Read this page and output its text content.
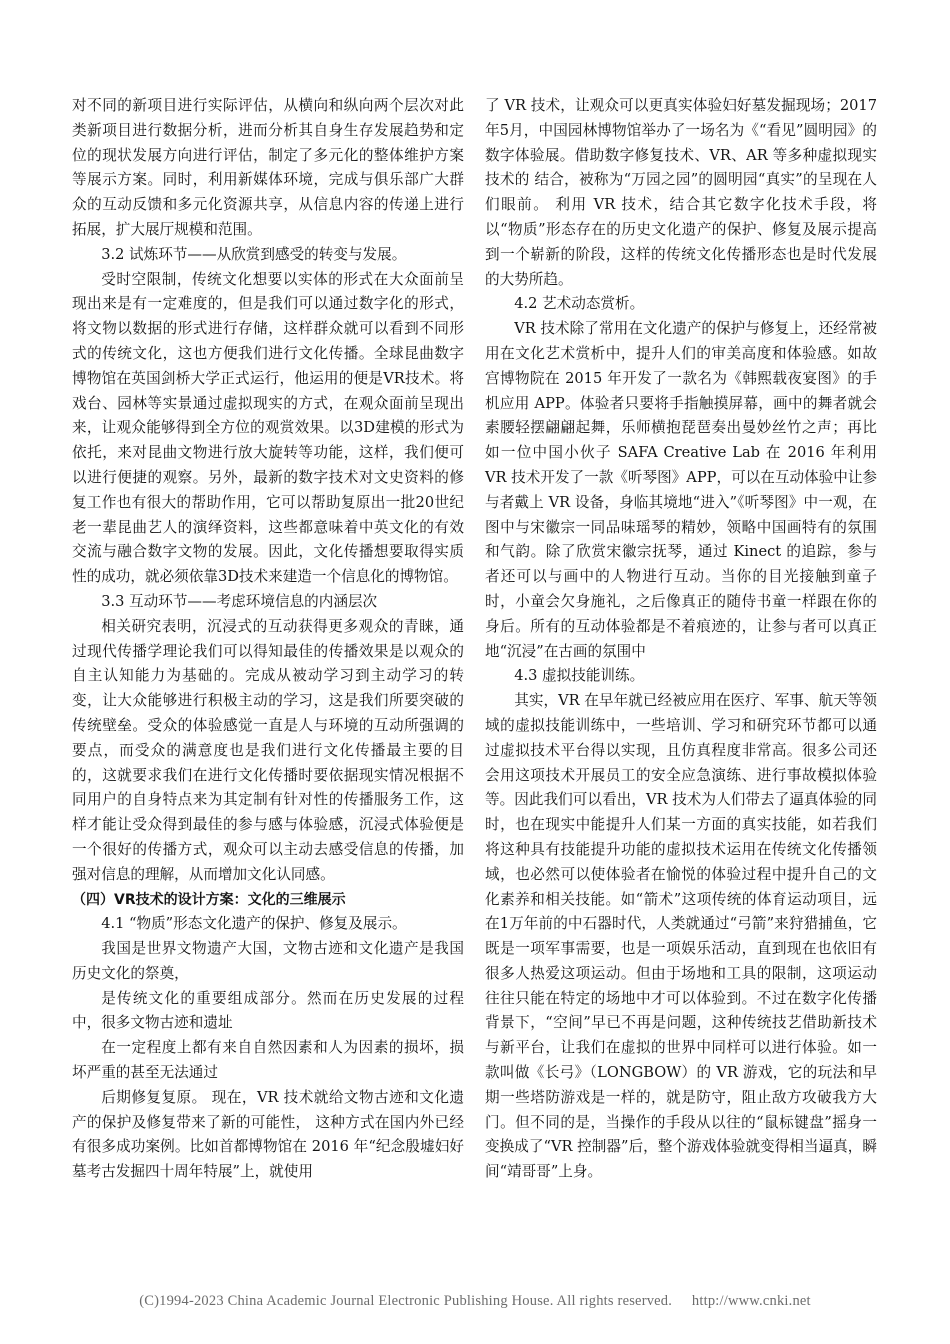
对不同的新项目进行实际评估，从横向和纵向两个层次对此类新项目进行数据分析，进而分析其自身生存发展趋势和定位的现状发展方向进行评估，制定了多元化的整体维护方案等展示方案。同时，利用新媒体环境，完成与俱乐部广大群众的互动反馈和多元化资源共享，从信息内容的传递上进行拓展，扩大展厅规模和范围。

3.2 试炼环节——从欣赏到感受的转变与发展。

受时空限制，传统文化想要以实体的形式在大众面前呈现出来是有一定难度的，但是我们可以通过数字化的形式，将文物以数据的形式进行存储，这样群众就可以看到不同形式的传统文化，这也方便我们进行文化传播。全球昆曲数字博物馆在英国剑桥大学正式运行，他运用的便是VR技术。将戏台、园林等实景通过虚拟现实的方式，在观众面前呈现出来，让观众能够得到全方位的观赏效果。以3D建模的形式为依托，来对昆曲文物进行放大旋转等功能，这样，我们便可以进行便捷的观察。另外，最新的数字技术对文史资料的修复工作也有很大的帮助作用，它可以帮助复原出一批20世纪老一辈昆曲艺人的演绎资料，这些都意味着中英文化的有效交流与融合数字文物的发展。因此，文化传播想要取得实质性的成功，就必须依靠3D技术来建造一个信息化的博物馆。

3.3 互动环节——考虑环境信息的内涵层次

相关研究表明，沉浸式的互动获得更多观众的青睐，通过现代传播学理论我们可以得知最佳的传播效果是以观众的自主认知能力为基础的。完成从被动学习到主动学习的转变，让大众能够进行积极主动的学习，这是我们所要突破的传统壁垒。受众的体验感觉一直是人与环境的互动所强调的要点，而受众的满意度也是我们进行文化传播最主要的目的，这就要求我们在进行文化传播时要依据现实情况根据不同用户的自身特点来为其定制有针对性的传播服务工作，这样才能让受众得到最佳的参与感与体验感，沉浸式体验便是一个很好的传播方式，观众可以主动去感受信息的传播，加强对信息的理解，从而增加文化认同感。

（四）VR技术的设计方案：文化的三维展示

4.1 “物质”形态文化遗产的保护、修复及展示。

我国是世界文物遗产大国，文物古迹和文化遗产是我国历史文化的祭奠，

是传统文化的重要组成部分。然而在历史发展的过程中，很多文物古迹和遗址

在一定程度上都有来自自然因素和人为因素的损坏，损坏严重的甚至无法通过

后期修复复原。 现在，VR 技术就给文物古迹和文化遗产的保护及修复带来了新的可能性， 这种方式在国内外已经有很多成功案例。比如首都博物馆在 2016 年“纪念殷墟妇好墓考古发掘四十周年特展”上，就使用

了 VR 技术，让观众可以更真实体验妇好墓发掘现场；2017年5月，中国园林博物馆举办了一场名为《“看见”圆明园》的数字体验展。借助数字修复技术、VR、AR 等多种虚拟现实技术的 结合，被称为“万园之园”的圆明园“真实”的呈现在人们眼前。 利用 VR 技术，结合其它数字化技术手段，将以“物质”形态存在的历史文化遗产的保护、修复及展示提高到一个崭新的阶段，这样的传统文化传播形态也是时代发展的大势所趋。

4.2 艺术动态赏析。

VR 技术除了常用在文化遗产的保护与修复上，还经常被用在文化艺术赏析中，提升人们的审美高度和体验感。如故宫博物院在 2015 年开发了一款名为《韩熙载夜宴图》的手机应用 APP。体验者只要将手指触摸屏幕，画中的舞者就会素腰轻摆翩翩起舞，乐师横抱琵琶奏出曼妙丝竹之声；再比如一位中国小伙子 SAFA Creative Lab 在 2016 年利用 VR 技术开发了一款《听琴图》APP，可以在互动体验中让参与者戴上 VR 设备，身临其境地“进入”《听琴图》中一观，在图中与宋徽宗一同品味瑶琴的精妙，领略中国画特有的氛围和气韵。除了欣赏宋徽宗抚琴，通过 Kinect 的追踪，参与者还可以与画中的人物进行互动。当你的目光接触到童子时，小童会欠身施礼，之后像真正的随侍书童一样跟在你的身后。所有的互动体验都是不着痕迹的，让参与者可以真正地“沉浸”在古画的氛围中

4.3 虚拟技能训练。

其实，VR 在早年就已经被应用在医疗、军事、航天等领域的虚拟技能训练中，一些培训、学习和研究环节都可以通过虚拟技术平台得以实现，且仿真程度非常高。很多公司还会用这项技术开展员工的安全应急演练、进行事故模拟体验等。因此我们可以看出，VR 技术为人们带去了逼真体验的同时，也在现实中能提升人们某一方面的真实技能，如若我们将这种具有技能提升功能的虚拟技术运用在传统文化传播领域，也必然可以使体验者在愉悦的体验过程中提升自己的文化素养和相关技能。如“箭术”这项传统的体育运动项目，远在1万年前的中石器时代，人类就通过“弓箭”来狩猎捕鱼，它既是一项军事需要，也是一项娱乐活动，直到现在也依旧有很多人热爱这项运动。但由于场地和工具的限制，这项运动往往只能在特定的场地中才可以体验到。不过在数字化传播背景下，“空间”早已不再是问题，这种传统技艺借助新技术与新平台，让我们在虚拟的世界中同样可以进行体验。如一款叫做《长弓》（LONGBOW）的 VR 游戏，它的玩法和早期一些塔防游戏是一样的，就是防守，阻止敌方攻破我方大门。但不同的是，当操作的手段从以往的“鼠标键盘”摇身一变换成了“VR 控制器”后，整个游戏体验就变得相当逼真，瞬间“靖哥哥”上身。

(C)1994-2023 China Academic Journal Electronic Publishing House. All rights reserved. http://www.cnki.net
